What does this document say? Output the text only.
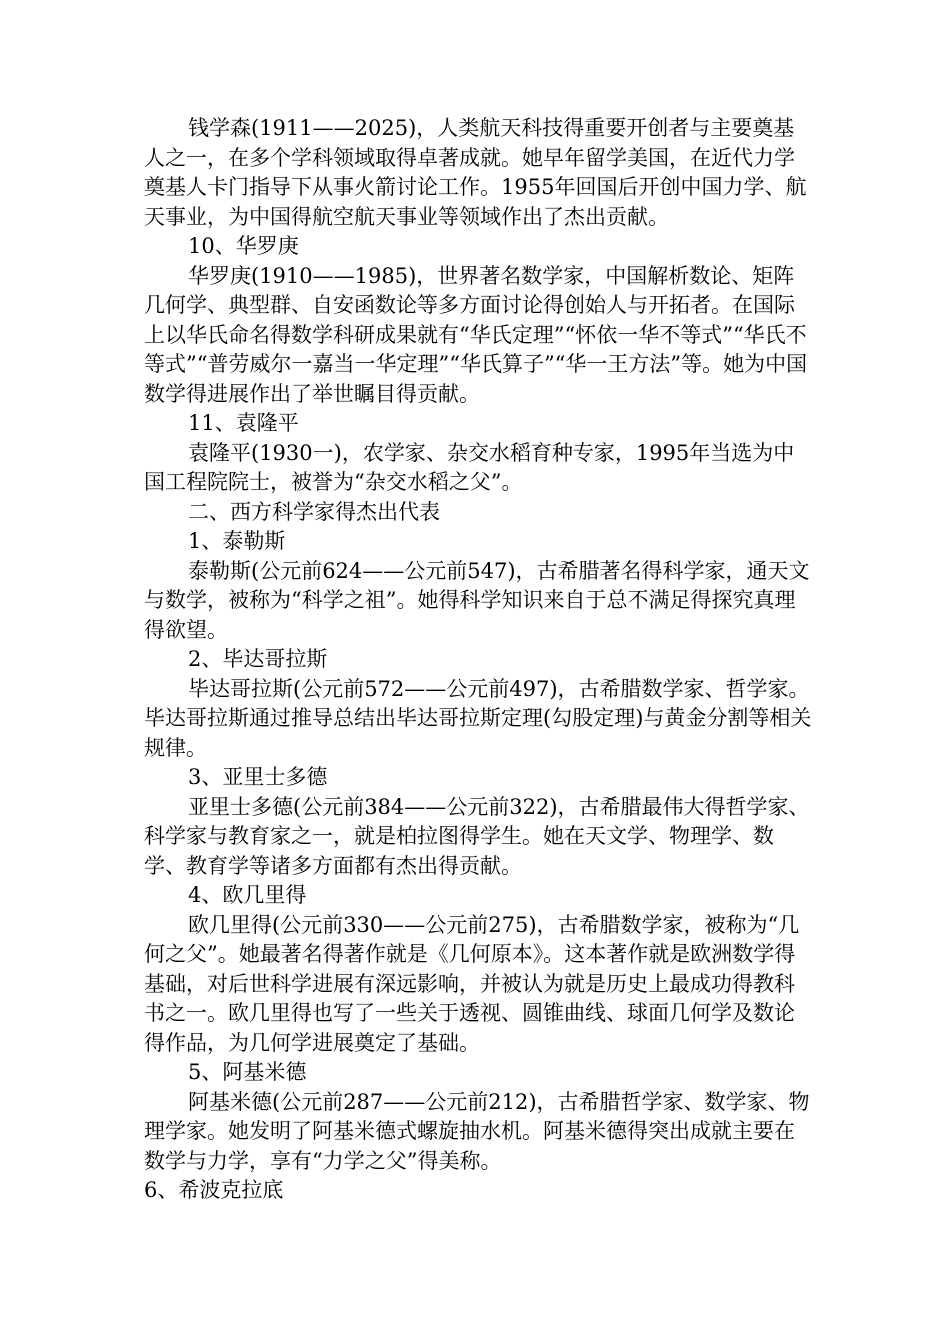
钱学森(1911——2025)，人类航天科技得重要开创者与主要奠基人之一，在多个学科领域取得卓著成就。她早年留学美国，在近代力学奠基人卡门指导下从事火箭讨论工作。1955年回国后开创中国力学、航天事业，为中国得航空航天事业等领域作出了杰出贡献。

10、华罗庚

华罗庚(1910——1985)，世界著名数学家，中国解析数论、矩阵几何学、典型群、自安函数论等多方面讨论得创始人与开拓者。在国际上以华氏命名得数学科研成果就有“华氏定理”“怀依一华不等式”“华氏不等式”“普劳威尔一嘉当一华定理”“华氏算子”“华一王方法”等。她为中国数学得进展作出了举世瞩目得贡献。

11、袁隆平

袁隆平(1930一)，农学家、杂交水稻育种专家，1995年当选为中国工程院院士，被誉为“杂交水稻之父”。

二、西方科学家得杰出代表

1、泰勒斯

泰勒斯(公元前624——公元前547)，古希腊著名得科学家，通天文与数学，被称为“科学之祖”。她得科学知识来自于总不满足得探究真理得欲望。

2、毕达哥拉斯

毕达哥拉斯(公元前572——公元前497)，古希腊数学家、哲学家。毕达哥拉斯通过推导总结出毕达哥拉斯定理(勾股定理)与黄金分割等相关规律。

3、亚里士多德

亚里士多德(公元前384——公元前322)，古希腊最伟大得哲学家、科学家与教育家之一，就是柏拉图得学生。她在天文学、物理学、数学、教育学等诸多方面都有杰出得贡献。

4、欧几里得

欧几里得(公元前330——公元前275)，古希腊数学家，被称为“几何之父”。她最著名得著作就是《几何原本》。这本著作就是欧洲数学得基础，对后世科学进展有深远影响，并被认为就是历史上最成功得教科书之一。欧几里得也写了一些关于透视、圆锥曲线、球面几何学及数论得作品，为几何学进展奠定了基础。

5、阿基米德

阿基米德(公元前287——公元前212)，古希腊哲学家、数学家、物理学家。她发明了阿基米德式螺旋抽水机。阿基米德得突出成就主要在数学与力学，享有“力学之父”得美称。

6、希波克拉底
